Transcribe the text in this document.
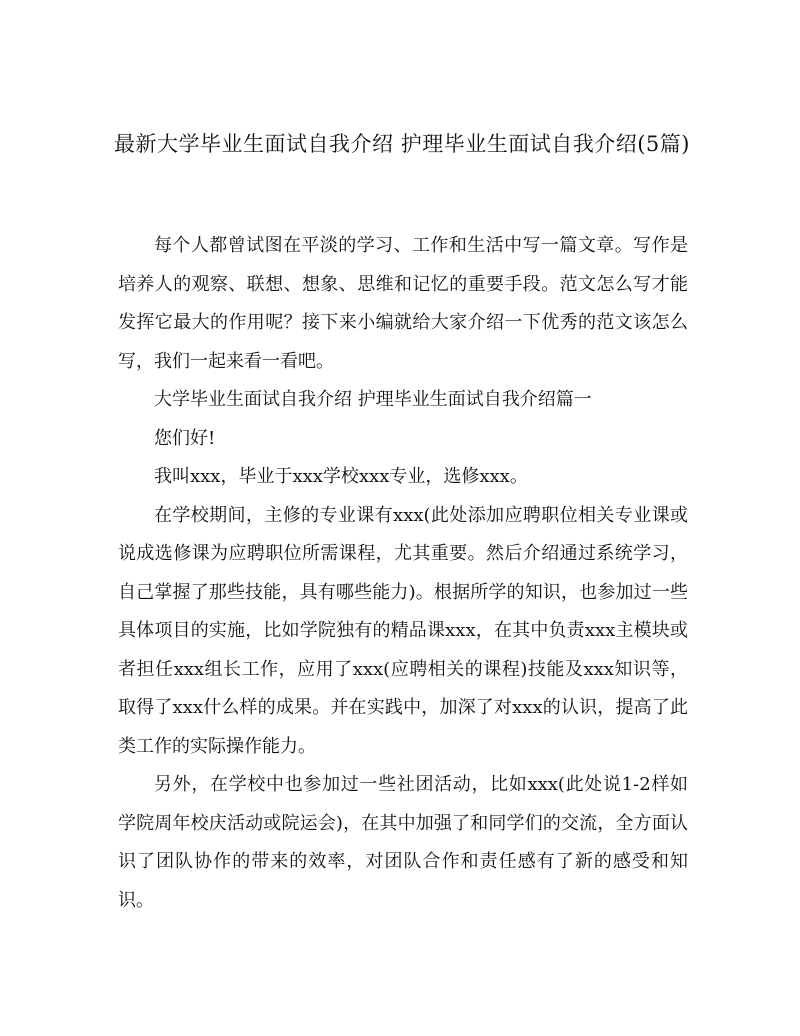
最新大学毕业生面试自我介绍 护理毕业生面试自我介绍(5篇)

每个人都曾试图在平淡的学习、工作和生活中写一篇文章。写作是培养人的观察、联想、想象、思维和记忆的重要手段。范文怎么写才能发挥它最大的作用呢？接下来小编就给大家介绍一下优秀的范文该怎么写，我们一起来看一看吧。

大学毕业生面试自我介绍 护理毕业生面试自我介绍篇一

您们好!

我叫xxx，毕业于xxx学校xxx专业，选修xxx。

在学校期间，主修的专业课有xxx(此处添加应聘职位相关专业课或说成选修课为应聘职位所需课程，尤其重要。然后介绍通过系统学习，自己掌握了那些技能，具有哪些能力)。根据所学的知识，也参加过一些具体项目的实施，比如学院独有的精品课xxx，在其中负责xxx主模块或者担任xxx组长工作，应用了xxx(应聘相关的课程)技能及xxx知识等，取得了xxx什么样的成果。并在实践中，加深了对xxx的认识，提高了此类工作的实际操作能力。

另外，在学校中也参加过一些社团活动，比如xxx(此处说1-2样如学院周年校庆活动或院运会)，在其中加强了和同学们的交流，全方面认识了团队协作的带来的效率，对团队合作和责任感有了新的感受和知识。
